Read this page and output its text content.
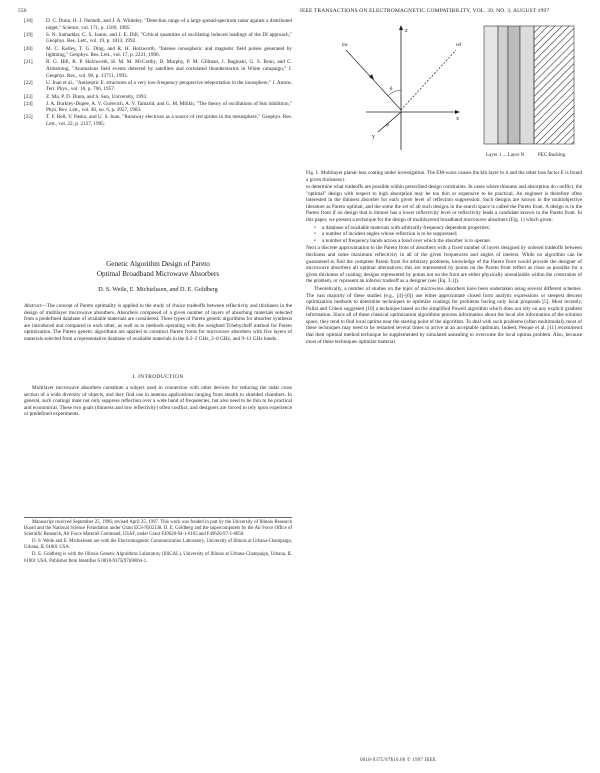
556	IEEE TRANSACTIONS ON ELECTROMAGNETIC COMPATIBILITY, VOL. 39, NO. 3, AUGUST 1997
[18]	D. C. Dunn, H. J. Nemeth, and J. A. Whiteley, "Detection range of a large spread-spectrum radar against a distributed target," Science, vol. 171, p. 1589, 1985.
[19]	S. N. Samaddar, C. S. Joann, and J. E. Dill, "Critical quantities of oscillating induced loadings of the DI approach," Geophys. Res. Lett., vol. 19, p. 1813, 1992.
[20]	M. C. Kelley, T. G. Ding, and R. H. Holzworth, "Intense ionospheric and magnetic field pulses generated by lightning," Geophys. Res. Lett., vol. 17, p. 2221, 1990.
[21]	R. G. Hill, R. P. Holzworth, H. M. M. McCarthy, D. Murphy, P. M. Gillman, J. Baginski, G. S. Brun, and C. Armstrong, "Anomalous field events detected by satellites and correlated thunderstorms in White campaign," J. Geophys. Res., vol. 98, p. 13711, 1993.
[22]	U. Inan et al., "Antiseptic E. structures of a very low-frequency perspective teleportation in the ionosphere," J. Atmos. Terr. Phys., vol. 16, p. 766, 1957.
[23]	Z. Ma, P. D. Dunn, and S. Sun, University, 1993.
[24]	J. A. Burkley-Dupee, A. V. Gurevich, A. V. Tamarid, and G. M. Milikh, "The theory of oscillations of feat inhibition," Phys. Rev. Lett., vol. 40, no. 6, p. 3957, 1983.
[25]	T. F. Bell, V. Pasko, and U. S. Inan, "Runaway electrons as a source of red sprites in the mesosphere," Geophys. Res. Lett., vol. 22, p. 2127, 1995.
Genetic Algorithm Design of Pareto
Optimal Broadband Microwave Absorbers
D. S. Weile, E. Michielssen, and D. E. Goldberg
Abstract—The concept of Pareto optimality is applied to the study of choice tradeoffs between reflectivity and thickness in the design of multilayer microwave absorbers. Absorbers composed of a given number of layers of absorbing materials selected from a predefined database of available materials are considered. Three types of Pareto genetic algorithms for absorber synthesis are introduced and compared to each other, as well as to methods operating with the weighted Tchebycheff method for Pareto optimization. The Pareto genetic algorithms are applied to construct Pareto fronts for microwave absorbers with five layers of materials selected from a representative database of available materials in the 0.2–2 GHz, 2–8 GHz, and 9–11 GHz bands.
I. INTRODUCTION

Multilayer microwave absorbers constitute a subject used in connection with other devices for reducing the radar cross section of a wide diversity of objects, and they find use in antenna applications ranging from stealth to shielded chambers. In general, such coatings must not only suppress reflection over a wide band of frequencies, but also need to be thin to be practical and economical. These two goals (thinness and low reflectivity) often conflict, and designers are forced to rely upon experience or predefined experiments.

Manuscript received September 25, 1996; revised April 25, 1997. This work was funded in part by the University of Illinois Research Board and the National Science Foundation under Grant ECS-9502138. D. E. Goldberg and the supercomputers by the Air Force Office of Scientific Research, Air Force Materiel Command, USAF, under Grant F49620-94-1-0103 and F49620-97-1-0050.

D. S. Weile and E. Michielssen are with the Electromagnetic Communication Laboratory, University of Illinois at Urbana-Champaign, Urbana, IL 61801 USA.

D. E. Goldberg is with the Illinois Genetic Algorithms Laboratory (IlliGAL), University of Illinois at Urbana-Champaign, Urbana, IL 61801 USA. Publisher Item Identifier S 0018-9375(97)06064-1.

z
x
y
inc	ref
θ
φ
Layer 1 ... Layer N	PEC Backing
Fig. 1. Multilayer planar-loss coating under investigation. The EM-wave causes the kth layer to it and the other loss factor E is found a given thickness t.

to determine what tradeoffs are possible within prescribed design constraints. In cases where thinness and absorption do conflict, the "optimal" design with respect to high absorption may be too thin or expensive to be practical. An engineer is therefore often interested in the thinnest absorber for each given level of reflection suppression. Such designs are known in the multiobjective literature as Pareto optimal, and the some the set of all such designs in the search space is called the Pareto front. A design is in the Pareto front if no design that is thinner has a lower reflectivity level or reflectivity leads a candidate known to the Pareto front. In this paper, we present a technique for the design of multilayered broadband microwave absorbers (Fig. 1) which given:

• a database of available materials with arbitrarily frequency dependent properties;
• a number of incident angles whose reflection is to be suppressed;
• a number of frequency bands across a band over which the absorber is to operate.

Next a discrete approximation to the Pareto front of absorbers with a fixed number of layers designed by ordered tradeoffs between thickness and some maximum reflectivity in all of the given frequencies and angles of interest. While no algorithm can be guaranteed to find the complete Pareto front for arbitrary problems, knowledge of the Pareto front would provide the designer of microwave absorbers all optimal alternatives; this are represented by points on the Pareto front reflect as close as possible for a given thickness of coating; designs represented by points not on the front are either physically unrealizable within the constraints of the problem, or represent an inferior tradeoff as a designer (see [Eq. 3.1]).

Theoretically, a number of studies on the topic of microwave absorbers have been undertaken using several different schemes. The vast majority of these studies (e.g., [4]–[6]) use either approximate closed form analytic expressions or steepest descent optimization methods to determine techniques to optimize coatings for problems having only local proposals [5]. Most recently, Pullal and Cohen suggested [10] a technique based on the simplified Powell algorithm which does not rely on any explicit gradient information. Since all of these classical optimization algorithms process information about the local site information of the solution space, they tend to find local optima near the starting point of the algorithm. To deal with such problems (often multimodal), most of these techniques may need to be restarted several times to arrive at an acceptable optimum. Indeed, Pesque et al. [11] recommend that their optimal method technique be supplemented by simulated annealing to overcome the local optima problem. Also, because most of these techniques optimize material

0018-9375/97$10.00 © 1997 IEEE
